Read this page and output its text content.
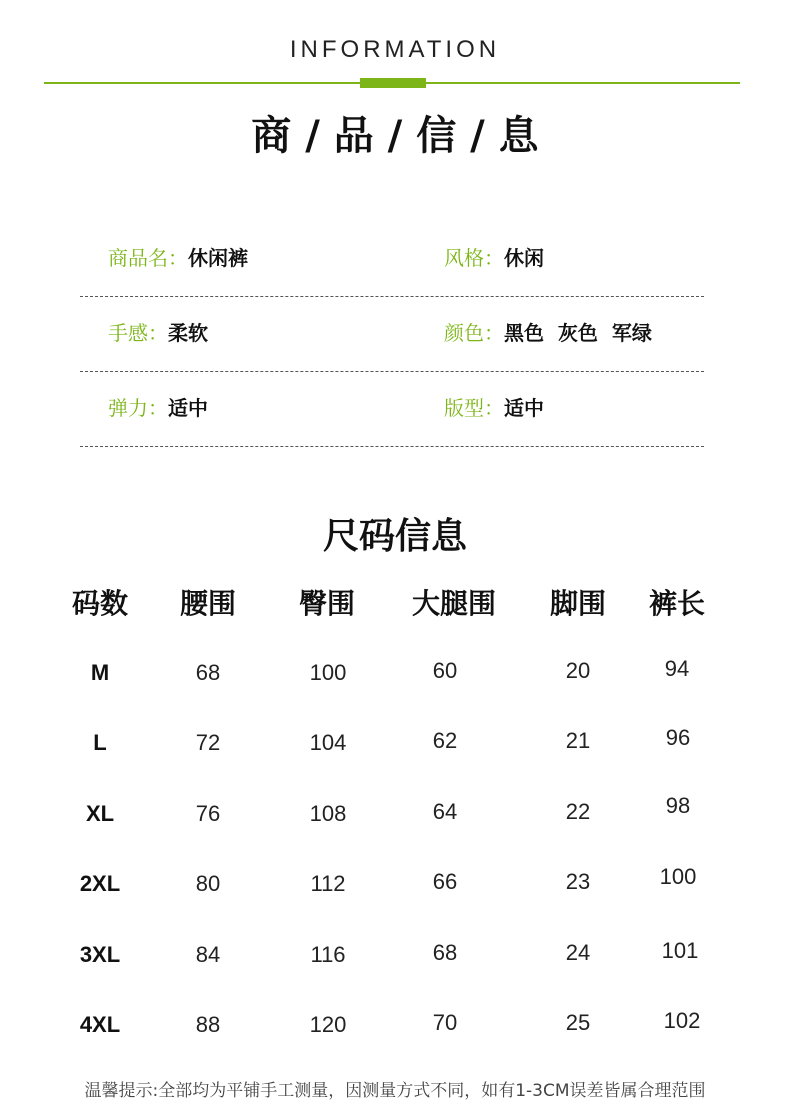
INFORMATION
商 / 品 / 信 / 息
商品名：休闲裤	风格：休闲
手感：柔软	颜色：黑色  灰色  军绿
弹力：适中	版型：适中
尺码信息
码数 腰围 臀围 大腿围 脚围 裤长
M	68	100	60	20	94
L	72	104	62	21	96
XL	76	108	64	22	98
2XL	80	112	66	23	100
3XL	84	116	68	24	101
4XL	88	120	70	25	102
温馨提示:全部均为平铺手工测量，因测量方式不同，如有1-3CM误差皆属合理范围
